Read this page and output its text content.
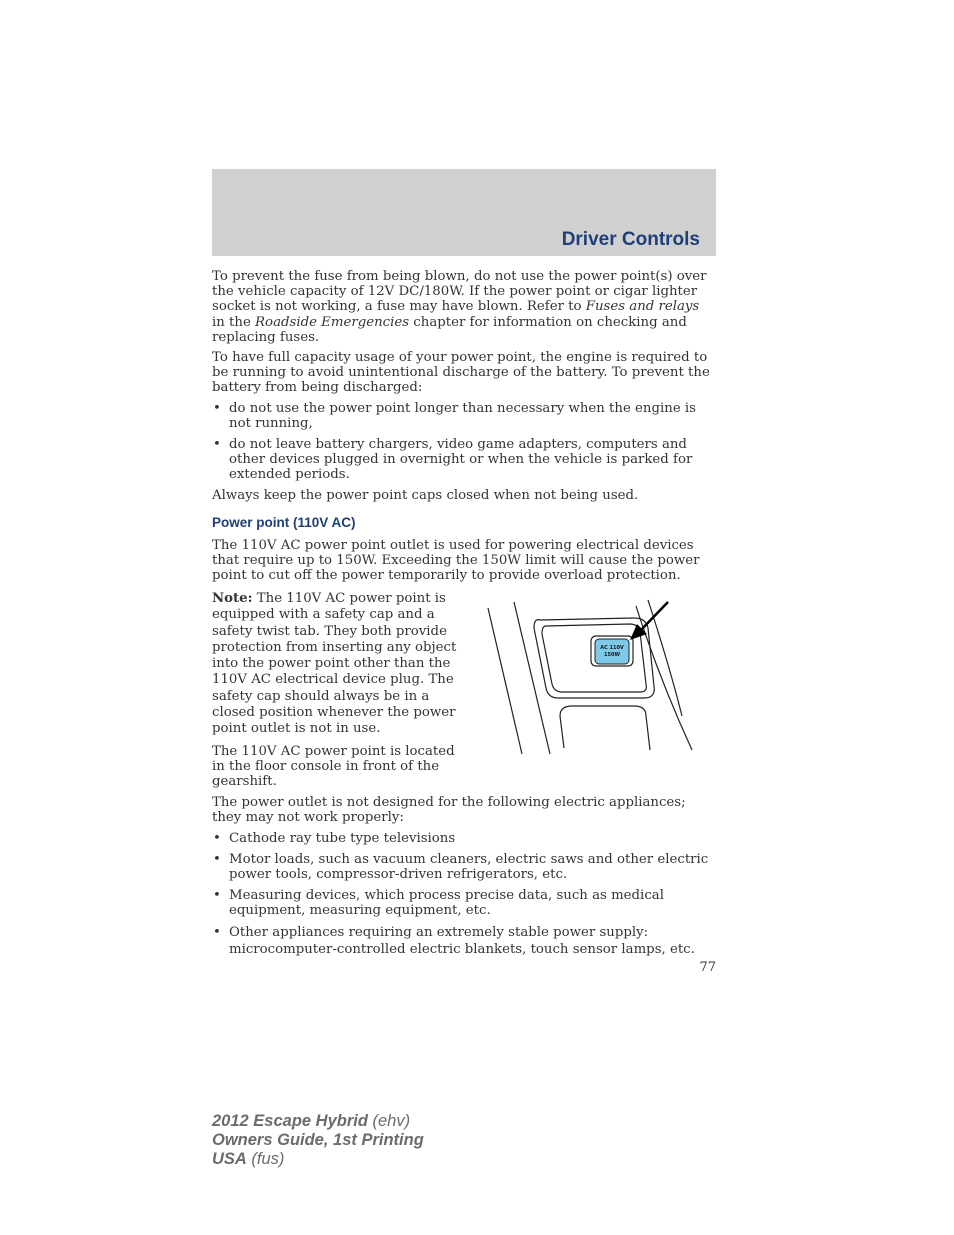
Driver Controls

To prevent the fuse from being blown, do not use the power point(s) over the vehicle capacity of 12V DC/180W. If the power point or cigar lighter socket is not working, a fuse may have blown. Refer to Fuses and relays in the Roadside Emergencies chapter for information on checking and replacing fuses.

To have full capacity usage of your power point, the engine is required to be running to avoid unintentional discharge of the battery. To prevent the battery from being discharged:

• do not use the power point longer than necessary when the engine is not running,

• do not leave battery chargers, video game adapters, computers and other devices plugged in overnight or when the vehicle is parked for extended periods.

Always keep the power point caps closed when not being used.

Power point (110V AC)

The 110V AC power point outlet is used for powering electrical devices that require up to 150W. Exceeding the 150W limit will cause the power point to cut off the power temporarily to provide overload protection.

Note: The 110V AC power point is equipped with a safety cap and a safety twist tab. They both provide protection from inserting any object into the power point other than the 110V AC electrical device plug. The safety cap should always be in a closed position whenever the power point outlet is not in use.

The 110V AC power point is located in the floor console in front of the gearshift.

AC 110V
150W

The power outlet is not designed for the following electric appliances; they may not work properly:

• Cathode ray tube type televisions

• Motor loads, such as vacuum cleaners, electric saws and other electric power tools, compressor-driven refrigerators, etc.

• Measuring devices, which process precise data, such as medical equipment, measuring equipment, etc.

• Other appliances requiring an extremely stable power supply: microcomputer-controlled electric blankets, touch sensor lamps, etc.

77
2012 Escape Hybrid (ehv)
Owners Guide, 1st Printing
USA (fus)
